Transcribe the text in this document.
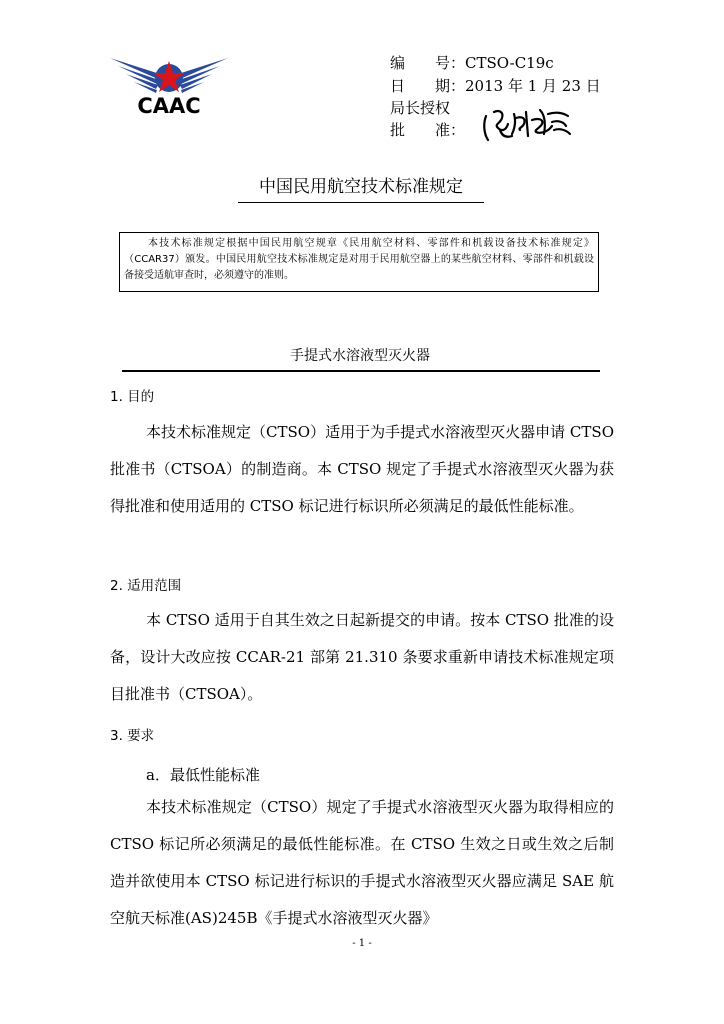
CAAC
编　　号：CTSO-C19c
日　　期：2013 年 1 月 23 日
局长授权
批　　准：
中国民用航空技术标准规定

本技术标准规定根据中国民用航空规章《民用航空材料、零部件和机载设备技术标准规定》（CCAR37）颁发。中国民用航空技术标准规定是对用于民用航空器上的某些航空材料、零部件和机载设备接受适航审查时，必须遵守的准则。

手提式水溶液型灭火器
1. 目的

本技术标准规定（CTSO）适用于为手提式水溶液型灭火器申请 CTSO 批准书（CTSOA）的制造商。本 CTSO 规定了手提式水溶液型灭火器为获得批准和使用适用的 CTSO 标记进行标识所必须满足的最低性能标准。

2. 适用范围

本 CTSO 适用于自其生效之日起新提交的申请。按本 CTSO 批准的设备，设计大改应按 CCAR-21 部第 21.310 条要求重新申请技术标准规定项目批准书（CTSOA）。

3. 要求
a．最低性能标准

本技术标准规定（CTSO）规定了手提式水溶液型灭火器为取得相应的 CTSO 标记所必须满足的最低性能标准。在 CTSO 生效之日或生效之后制造并欲使用本 CTSO 标记进行标识的手提式水溶液型灭火器应满足 SAE 航空航天标准(AS)245B《手提式水溶液型灭火器》

- 1 -
